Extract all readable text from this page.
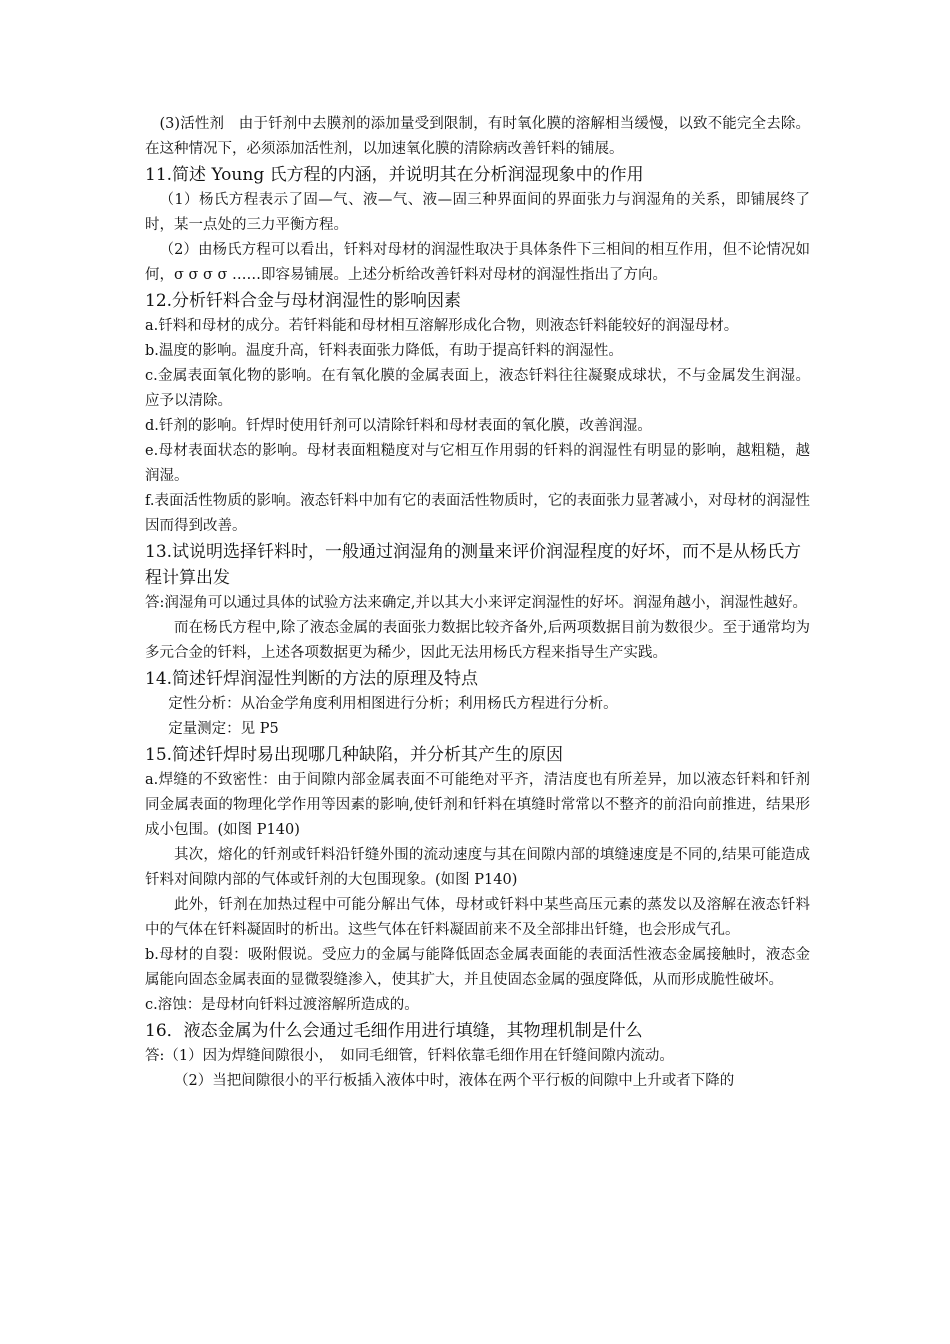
(3)活性剂　由于钎剂中去膜剂的添加量受到限制，有时氧化膜的溶解相当缓慢，以致不能完全去除。在这种情况下，必须添加活性剂，以加速氧化膜的清除病改善钎料的铺展。

11.简述 Young 氏方程的内涵，并说明其在分析润湿现象中的作用

（1）杨氏方程表示了固—气、液—气、液—固三种界面间的界面张力与润湿角的关系，即铺展终了时，某一点处的三力平衡方程。

（2）由杨氏方程可以看出，钎料对母材的润湿性取决于具体条件下三相间的相互作用，但不论情况如何，σ σ σ σ ……即容易铺展。上述分析给改善钎料对母材的润湿性指出了方向。

12.分析钎料合金与母材润湿性的影响因素

a.钎料和母材的成分。若钎料能和母材相互溶解形成化合物，则液态钎料能较好的润湿母材。

b.温度的影响。温度升高，钎料表面张力降低，有助于提高钎料的润湿性。

c.金属表面氧化物的影响。在有氧化膜的金属表面上，液态钎料往往凝聚成球状，不与金属发生润湿。应予以清除。

d.钎剂的影响。钎焊时使用钎剂可以清除钎料和母材表面的氧化膜，改善润湿。

e.母材表面状态的影响。母材表面粗糙度对与它相互作用弱的钎料的润湿性有明显的影响，越粗糙，越润湿。

f.表面活性物质的影响。液态钎料中加有它的表面活性物质时，它的表面张力显著减小，对母材的润湿性因而得到改善。

13.试说明选择钎料时，一般通过润湿角的测量来评价润湿程度的好坏，而不是从杨氏方程计算出发

答:润湿角可以通过具体的试验方法来确定,并以其大小来评定润湿性的好坏。润湿角越小，润湿性越好。

而在杨氏方程中,除了液态金属的表面张力数据比较齐备外,后两项数据目前为数很少。至于通常均为多元合金的钎料，上述各项数据更为稀少，因此无法用杨氏方程来指导生产实践。

14.简述钎焊润湿性判断的方法的原理及特点

定性分析：从冶金学角度利用相图进行分析；利用杨氏方程进行分析。

定量测定：见 P5

15.简述钎焊时易出现哪几种缺陷，并分析其产生的原因

a.焊缝的不致密性：由于间隙内部金属表面不可能绝对平齐，清洁度也有所差异，加以液态钎料和钎剂同金属表面的物理化学作用等因素的影响,使钎剂和钎料在填缝时常常以不整齐的前沿向前推进，结果形成小包围。(如图 P140)

其次，熔化的钎剂或钎料沿钎缝外围的流动速度与其在间隙内部的填缝速度是不同的,结果可能造成钎料对间隙内部的气体或钎剂的大包围现象。(如图 P140)

此外，钎剂在加热过程中可能分解出气体，母材或钎料中某些高压元素的蒸发以及溶解在液态钎料中的气体在钎料凝固时的析出。这些气体在钎料凝固前来不及全部排出钎缝，也会形成气孔。

b.母材的自裂：吸附假说。受应力的金属与能降低固态金属表面能的表面活性液态金属接触时，液态金属能向固态金属表面的显微裂缝渗入，使其扩大，并且使固态金属的强度降低，从而形成脆性破坏。

c.溶蚀：是母材向钎料过渡溶解所造成的。

16．液态金属为什么会通过毛细作用进行填缝，其物理机制是什么

答:（1）因为焊缝间隙很小，　如同毛细管，钎料依靠毛细作用在钎缝间隙内流动。

（2）当把间隙很小的平行板插入液体中时，液体在两个平行板的间隙中上升或者下降的
